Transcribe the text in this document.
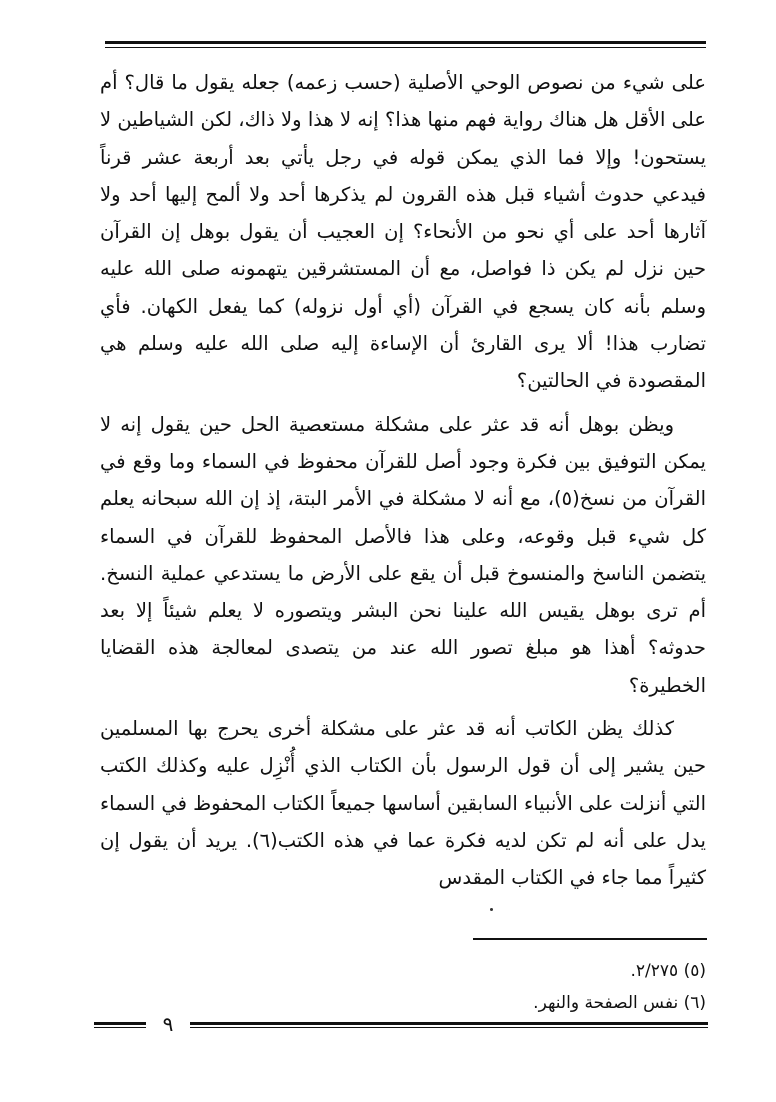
على شيء من نصوص الوحي الأصلية (حسب زعمه) جعله يقول ما قال؟ أم على الأقل هل هناك رواية فهم منها هذا؟ إنه لا هذا ولا ذاك، لكن الشياطين لا يستحون! وإلا فما الذي يمكن قوله في رجل يأتي بعد أربعة عشر قرناً فيدعي حدوث أشياء قبل هذه القرون لم يذكرها أحد ولا ألمح إليها أحد ولا آثارها أحد على أي نحو من الأنحاء؟ إن العجيب أن يقول بوهل إن القرآن حين نزل لم يكن ذا فواصل، مع أن المستشرقين يتهمونه صلى الله عليه وسلم بأنه كان يسجع في القرآن (أي أول نزوله) كما يفعل الكهان. فأي تضارب هذا! ألا يرى القارئ أن الإساءة إليه صلى الله عليه وسلم هي المقصودة في الحالتين؟

ويظن بوهل أنه قد عثر على مشكلة مستعصية الحل حين يقول إنه لا يمكن التوفيق بين فكرة وجود أصل للقرآن محفوظ في السماء وما وقع في القرآن من نسخ(٥)، مع أنه لا مشكلة في الأمر البتة، إذ إن الله سبحانه يعلم كل شيء قبل وقوعه، وعلى هذا فالأصل المحفوظ للقرآن في السماء يتضمن الناسخ والمنسوخ قبل أن يقع على الأرض ما يستدعي عملية النسخ. أم ترى بوهل يقيس الله علينا نحن البشر ويتصوره لا يعلم شيئاً إلا بعد حدوثه؟ أهذا هو مبلغ تصور الله عند من يتصدى لمعالجة هذه القضايا الخطيرة؟

كذلك يظن الكاتب أنه قد عثر على مشكلة أخرى يحرج بها المسلمين حين يشير إلى أن قول الرسول بأن الكتاب الذي أُنْزِل عليه وكذلك الكتب التي أنزلت على الأنبياء السابقين أساسها جميعاً الكتاب المحفوظ في السماء يدل على أنه لم تكن لديه فكرة عما في هذه الكتب(٦). يريد أن يقول إن كثيراً مما جاء في الكتاب المقدس

(٥) ٢/٢٧٥.

(٦) نفس الصفحة والنهر.

٩
